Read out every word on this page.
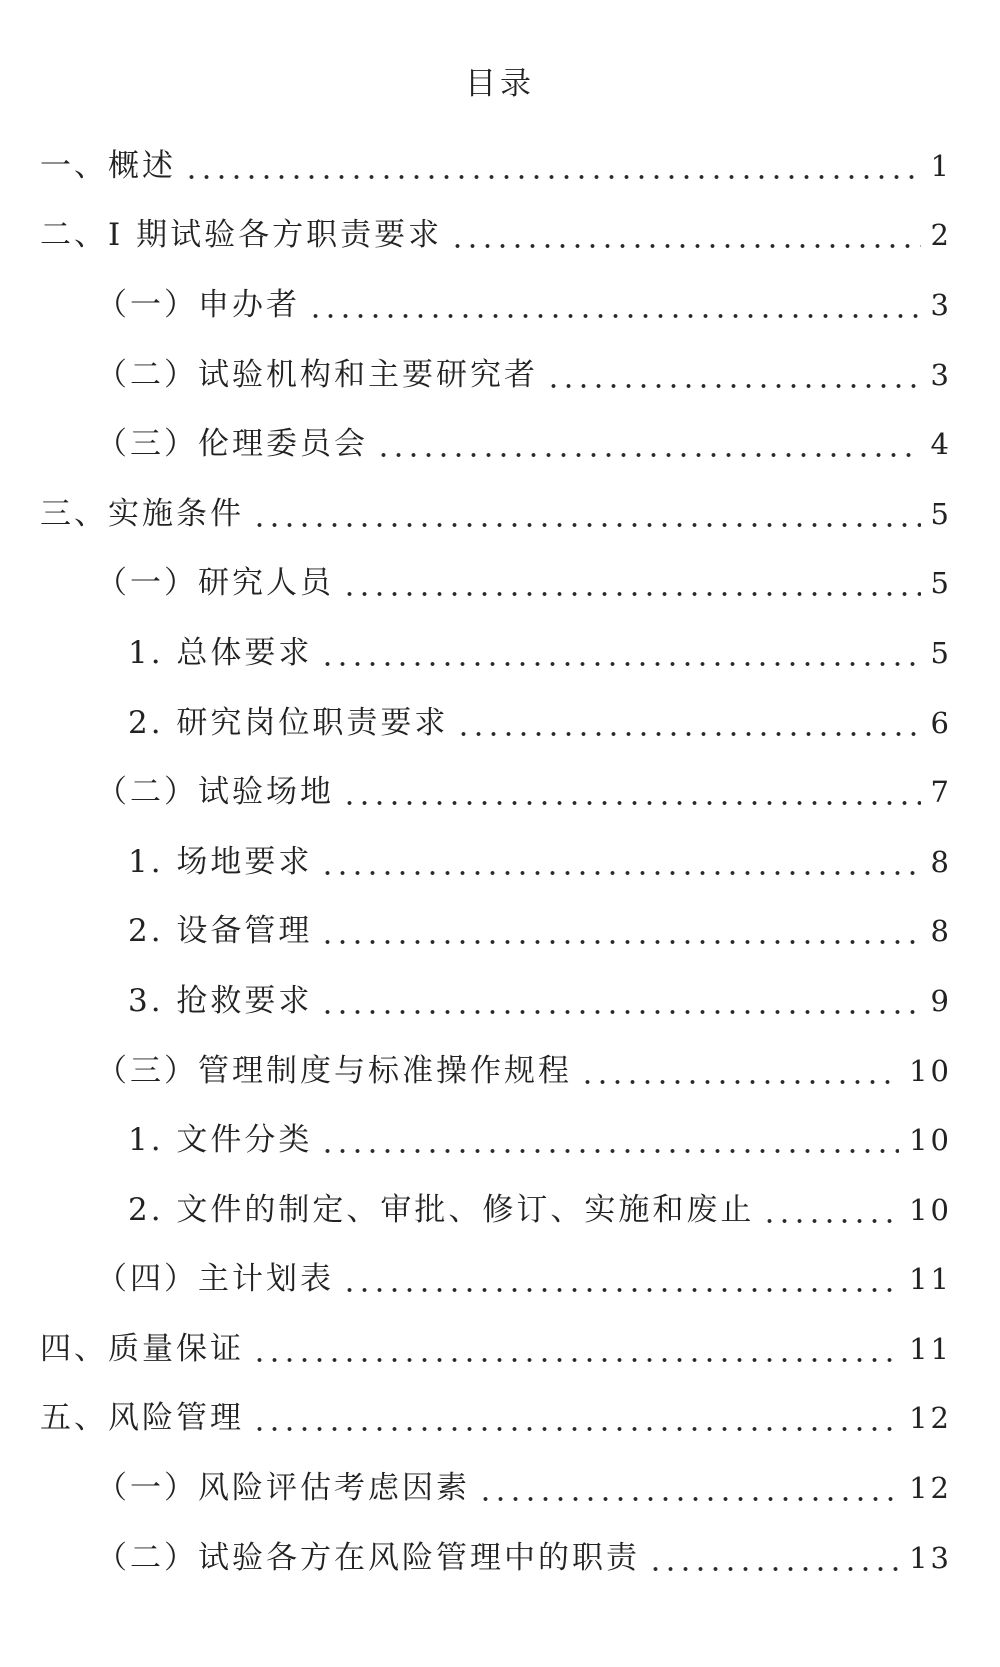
目录
一、概述	1
二、I 期试验各方职责要求	2
（一）申办者	3
（二）试验机构和主要研究者	3
（三）伦理委员会	4
三、实施条件	5
（一）研究人员	5
1. 总体要求	5
2. 研究岗位职责要求	6
（二）试验场地	7
1. 场地要求	8
2. 设备管理	8
3. 抢救要求	9
（三）管理制度与标准操作规程	10
1. 文件分类	10
2. 文件的制定、审批、修订、实施和废止	10
（四）主计划表	11
四、质量保证	11
五、风险管理	12
（一）风险评估考虑因素	12
（二）试验各方在风险管理中的职责	13
